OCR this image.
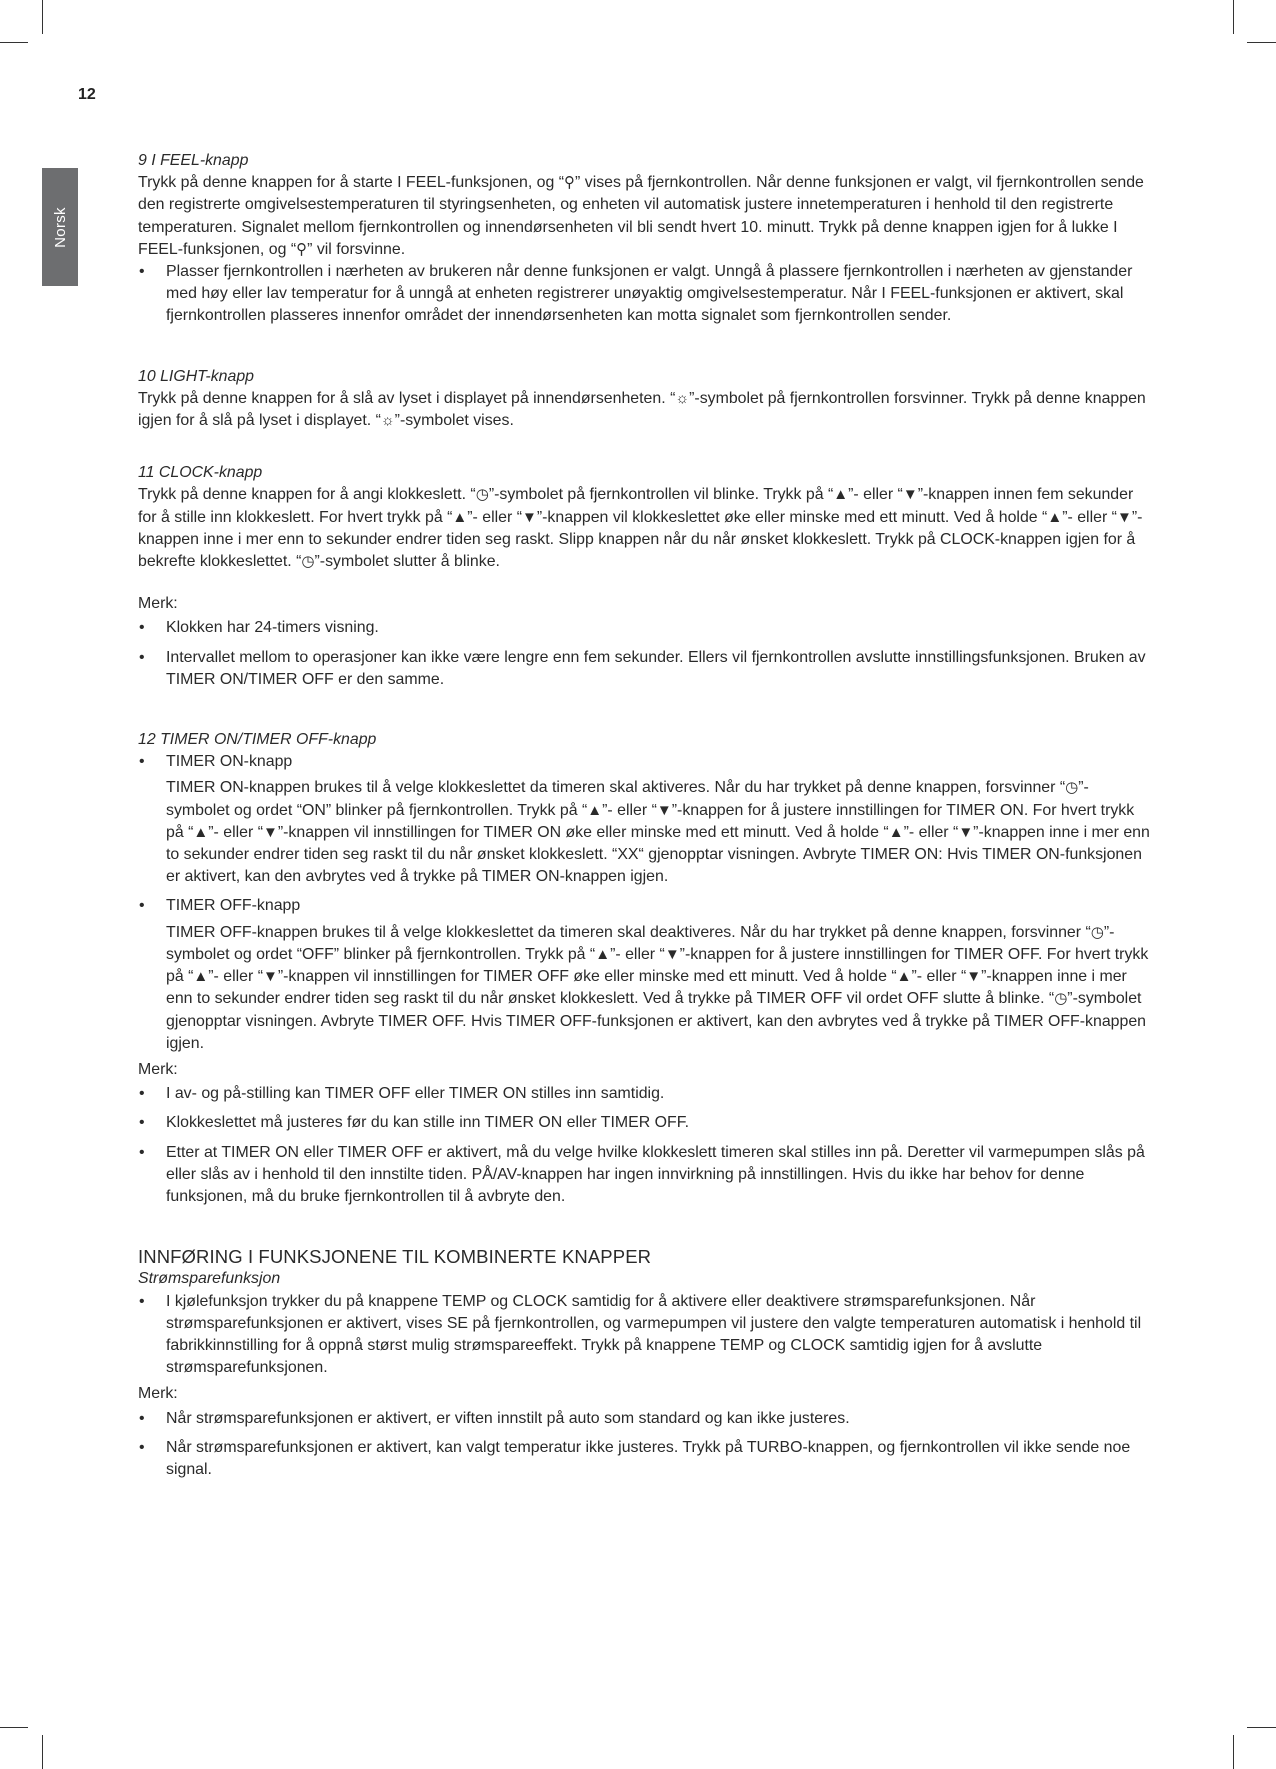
12
Norsk

9 I FEEL-knapp

Trykk på denne knappen for å starte I FEEL-funksjonen, og “⚲” vises på fjernkontrollen. Når denne funksjonen er valgt, vil fjernkontrollen sende den registrerte omgivelsestemperaturen til styringsenheten, og enheten vil automatisk justere innetemperaturen i henhold til den registrerte temperaturen. Signalet mellom fjernkontrollen og innendørsenheten vil bli sendt hvert 10. minutt. Trykk på denne knappen igjen for å lukke I FEEL-funksjonen, og “⚲” vil forsvinne.

• Plasser fjernkontrollen i nærheten av brukeren når denne funksjonen er valgt. Unngå å plassere fjernkontrollen i nærheten av gjenstander med høy eller lav temperatur for å unngå at enheten registrerer unøyaktig omgivelsestemperatur. Når I FEEL-funksjonen er aktivert, skal fjernkontrollen plasseres innenfor området der innendørsenheten kan motta signalet som fjernkontrollen sender.

10 LIGHT-knapp

Trykk på denne knappen for å slå av lyset i displayet på innendørsenheten. “☼”-symbolet på fjernkontrollen forsvinner. Trykk på denne knappen igjen for å slå på lyset i displayet. “☼”-symbolet vises.

11 CLOCK-knapp

Trykk på denne knappen for å angi klokkeslett. “◷”-symbolet på fjernkontrollen vil blinke. Trykk på “▲”- eller “▼”-knappen innen fem sekunder for å stille inn klokkeslett. For hvert trykk på “▲”- eller “▼”-knappen vil klokkeslettet øke eller minske med ett minutt. Ved å holde “▲”- eller “▼”-knappen inne i mer enn to sekunder endrer tiden seg raskt. Slipp knappen når du når ønsket klokkeslett. Trykk på CLOCK-knappen igjen for å bekrefte klokkeslettet. “◷”-symbolet slutter å blinke.

Merk:

• Klokken har 24-timers visning.
• Intervallet mellom to operasjoner kan ikke være lengre enn fem sekunder. Ellers vil fjernkontrollen avslutte innstillingsfunksjonen. Bruken av TIMER ON/TIMER OFF er den samme.

12 TIMER ON/TIMER OFF-knapp

• TIMER ON-knapp
TIMER ON-knappen brukes til å velge klokkeslettet da timeren skal aktiveres. Når du har trykket på denne knappen, forsvinner “◷”-symbolet og ordet “ON” blinker på fjernkontrollen. Trykk på “▲”- eller “▼”-knappen for å justere innstillingen for TIMER ON. For hvert trykk på “▲”- eller “▼”-knappen vil innstillingen for TIMER ON øke eller minske med ett minutt. Ved å holde “▲”- eller “▼”-knappen inne i mer enn to sekunder endrer tiden seg raskt til du når ønsket klokkeslett. “XX“ gjenopptar visningen. Avbryte TIMER ON: Hvis TIMER ON-funksjonen er aktivert, kan den avbrytes ved å trykke på TIMER ON-knappen igjen.
• TIMER OFF-knapp
TIMER OFF-knappen brukes til å velge klokkeslettet da timeren skal deaktiveres. Når du har trykket på denne knappen, forsvinner “◷”-symbolet og ordet “OFF” blinker på fjernkontrollen. Trykk på “▲”- eller “▼”-knappen for å justere innstillingen for TIMER OFF. For hvert trykk på “▲”- eller “▼”-knappen vil innstillingen for TIMER OFF øke eller minske med ett minutt. Ved å holde “▲”- eller “▼”-knappen inne i mer enn to sekunder endrer tiden seg raskt til du når ønsket klokkeslett. Ved å trykke på TIMER OFF vil ordet OFF slutte å blinke. “◷”-symbolet gjenopptar visningen. Avbryte TIMER OFF. Hvis TIMER OFF-funksjonen er aktivert, kan den avbrytes ved å trykke på TIMER OFF-knappen igjen.

Merk:

• I av- og på-stilling kan TIMER OFF eller TIMER ON stilles inn samtidig.
• Klokkeslettet må justeres før du kan stille inn TIMER ON eller TIMER OFF.
• Etter at TIMER ON eller TIMER OFF er aktivert, må du velge hvilke klokkeslett timeren skal stilles inn på. Deretter vil varmepumpen slås på eller slås av i henhold til den innstilte tiden. PÅ/AV-knappen har ingen innvirkning på innstillingen. Hvis du ikke har behov for denne funksjonen, må du bruke fjernkontrollen til å avbryte den.

INNFØRING I FUNKSJONENE TIL KOMBINERTE KNAPPER

Strømsparefunksjon

• I kjølefunksjon trykker du på knappene TEMP og CLOCK samtidig for å aktivere eller deaktivere strømsparefunksjonen. Når strømsparefunksjonen er aktivert, vises SE på fjernkontrollen, og varmepumpen vil justere den valgte temperaturen automatisk i henhold til fabrikkinnstilling for å oppnå størst mulig strømspareeffekt. Trykk på knappene TEMP og CLOCK samtidig igjen for å avslutte strømsparefunksjonen.

Merk:

• Når strømsparefunksjonen er aktivert, er viften innstilt på auto som standard og kan ikke justeres.
• Når strømsparefunksjonen er aktivert, kan valgt temperatur ikke justeres. Trykk på TURBO-knappen, og fjernkontrollen vil ikke sende noe signal.
